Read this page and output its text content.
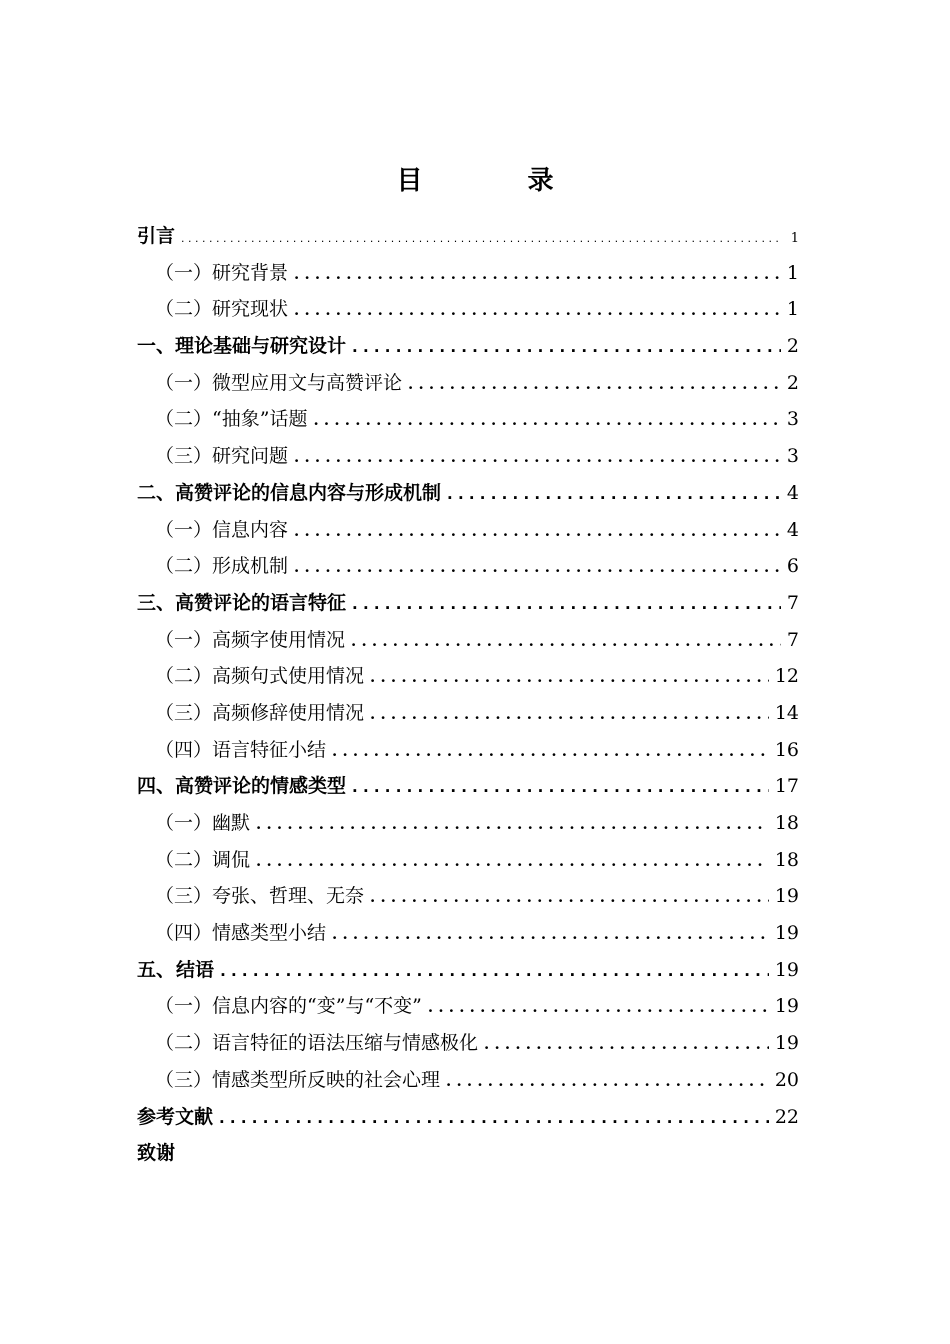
目 录
引言 . . .	1
（一） 研究背景 . . .	1
（二） 研究现状 . . .	1
一、 理论基础与研究设计 . . .	2
（一） 微型应用文与高赞评论 . . .	2
（二） “抽象”话题 . . .	3
（三） 研究问题 . . .	3
二、 高赞评论的信息内容与形成机制 . . .	4
（一） 信息内容 . . .	4
（二） 形成机制 . . .	6
三、 高赞评论的语言特征 . . .	7
（一） 高频字使用情况 . . .	7
（二） 高频句式使用情况 . . .	12
（三） 高频修辞使用情况 . . .	14
（四） 语言特征小结 . . .	16
四、 高赞评论的情感类型 . . .	17
（一） 幽默 . . .	18
（二） 调侃 . . .	18
（三） 夸张、哲理、无奈 . . .	19
（四） 情感类型小结 . . .	19
五、 结语 . . .	19
（一） 信息内容的“变”与“不变” . . .	19
（二） 语言特征的语法压缩与情感极化 . . .	19
（三） 情感类型所反映的社会心理 . . .	20
参考文献 . . .	22
致谢
